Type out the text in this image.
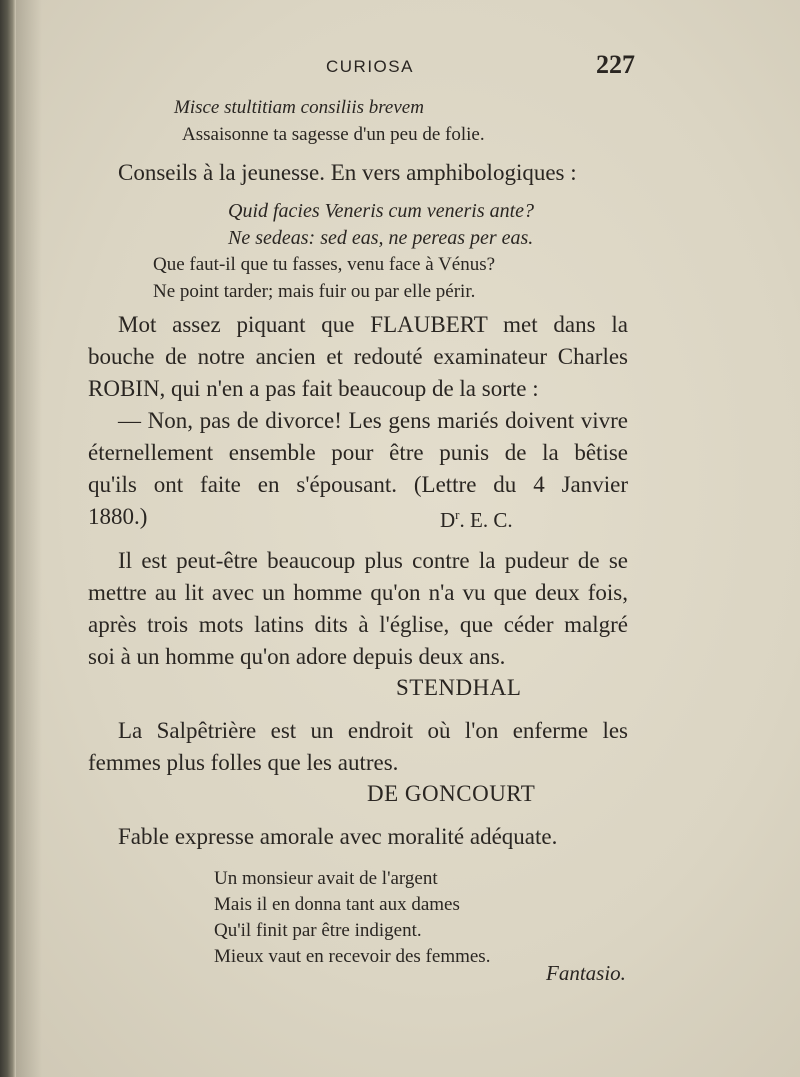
CURIOSA	227
Misce stultitiam consiliis brevem
Assaisonne ta sagesse d'un peu de folie.
Conseils à la jeunesse. En vers amphibologiques :
Quid facies Veneris cum veneris ante?
Ne sedeas: sed eas, ne pereas per eas.
Que faut-il que tu fasses, venu face à Vénus?
Ne point tarder; mais fuir ou par elle périr.
Mot assez piquant que FLAUBERT met dans la
bouche de notre ancien et redouté examinateur Charles
ROBIN, qui n'en a pas fait beaucoup de la sorte :
— Non, pas de divorce! Les gens mariés doivent vivre
éternellement ensemble pour être punis de la bêtise
qu'ils ont faite en s'épousant. (Lettre du 4 Janvier
1880.)	$D^r$. E. C.
Il est peut-être beaucoup plus contre la pudeur de se
mettre au lit avec un homme qu'on n'a vu que deux fois,
après trois mots latins dits à l'église, que céder malgré
soi à un homme qu'on adore depuis deux ans.
STENDHAL
La Salpêtrière est un endroit où l'on enferme les
femmes plus folles que les autres.
DE GONCOURT
Fable expresse amorale avec moralité adéquate.
Un monsieur avait de l'argent
Mais il en donna tant aux dames
Qu'il finit par être indigent.
Mieux vaut en recevoir des femmes.
Fantasio.
